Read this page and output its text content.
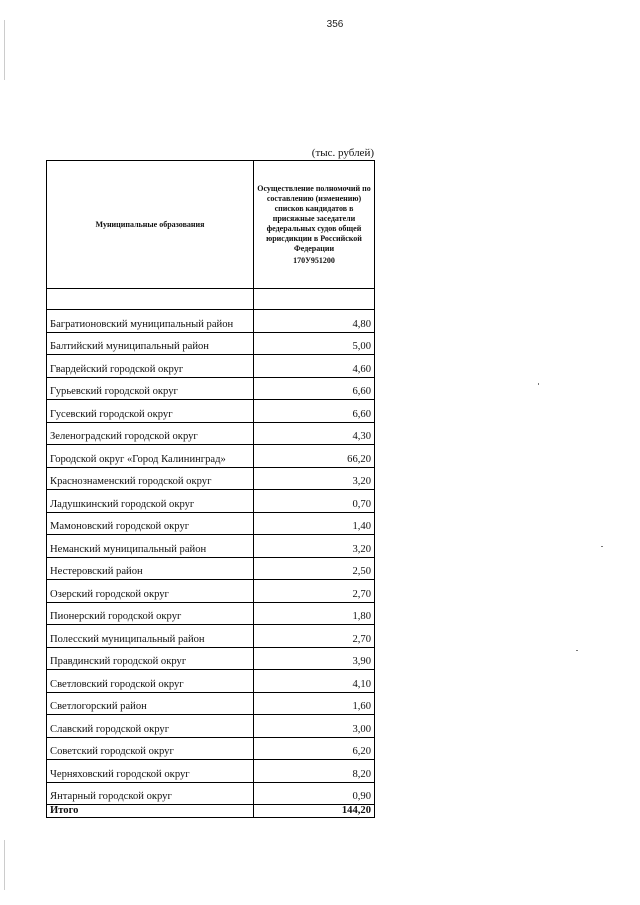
356
(тыс. рублей)
Муниципальные образования	Осуществление полномочий по составлению (изменению) списков кандидатов в присяжные заседатели федеральных судов общей юрисдикции в Российской Федерации
170У951200

Багратионовский муниципальный район	4,80
Балтийский муниципальный район	5,00
Гвардейский городской округ	4,60
Гурьевский городской округ	6,60
Гусевский городской округ	6,60
Зеленоградский городской округ	4,30
Городской округ «Город Калининград»	66,20
Краснознаменский городской округ	3,20
Ладушкинский городской округ	0,70
Мамоновский городской округ	1,40
Неманский муниципальный район	3,20
Нестеровский район	2,50
Озерский городской округ	2,70
Пионерский городской округ	1,80
Полесский муниципальный район	2,70
Правдинский городской округ	3,90
Светловский городской округ	4,10
Светлогорский район	1,60
Славский городской округ	3,00
Советский городской округ	6,20
Черняховский городской округ	8,20
Янтарный городской округ	0,90
Итого	144,20
